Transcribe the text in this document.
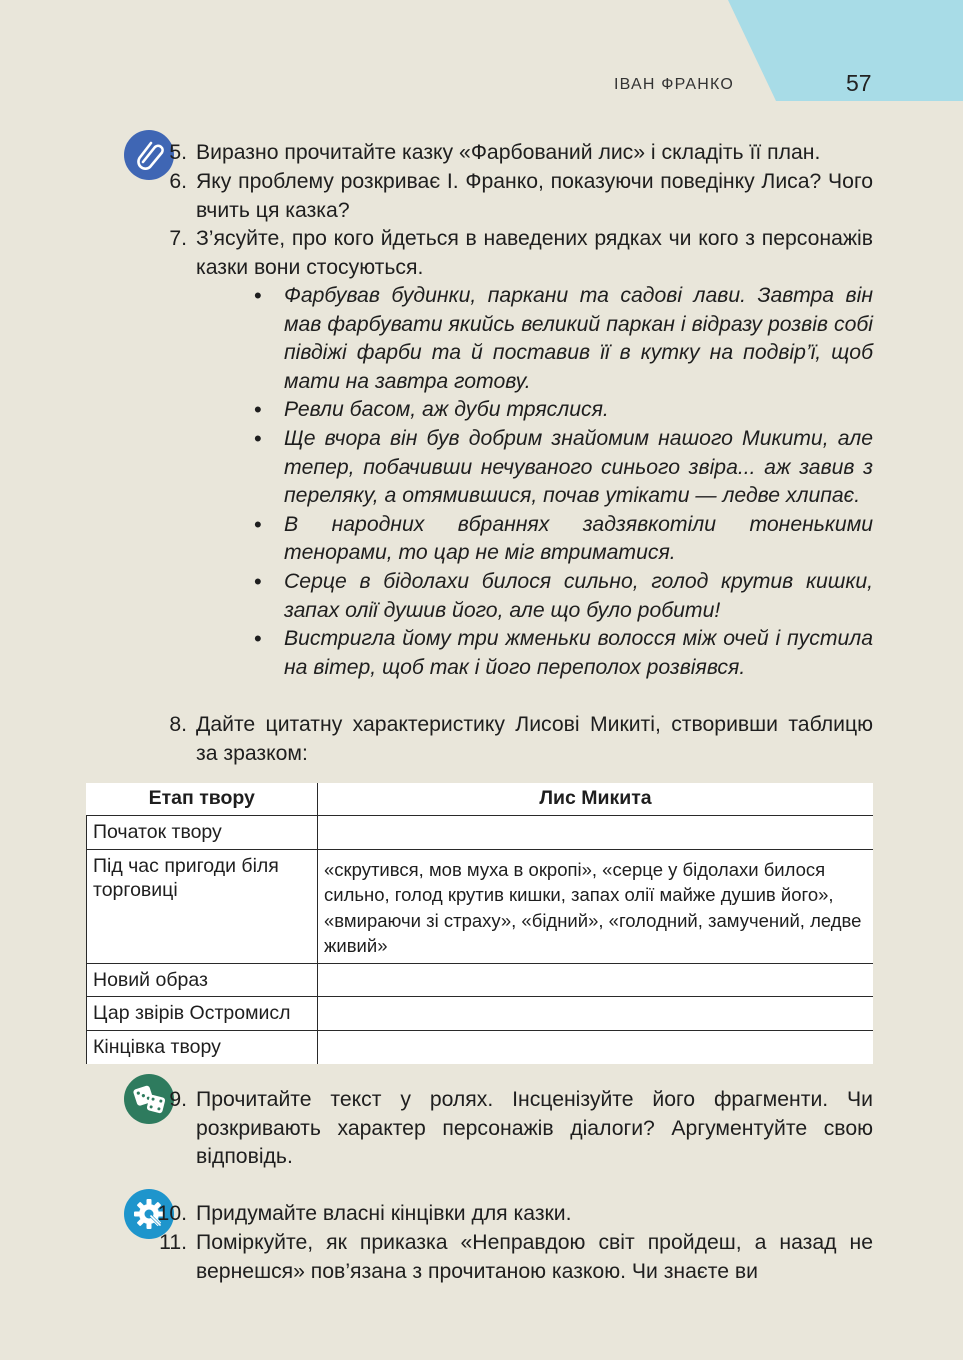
ІВАН ФРАНКО	57
5. Виразно прочитайте казку «Фарбований лис» і складіть її план.
6. Яку проблему розкриває І. Франко, показуючи поведінку Лиса? Чого вчить ця казка?
7. З’ясуйте, про кого йдеться в наведених рядках чи кого з персонажів казки вони стосуються.
• Фарбував будинки, паркани та садові лави. Завтра він мав фарбувати якийсь великий паркан і відразу розвів собі півдіжі фарби та й поставив її в кутку на подвір’ї, щоб мати на завтра готову.
• Ревли басом, аж дуби тряслися.
• Ще вчора він був добрим знайомим нашого Микити, але тепер, побачивши нечуваного синього звіра... аж завив з переляку, а отямившися, почав утікати — ледве хлипає.
• В народних вбраннях задзявкотіли тоненькими тенорами, то цар не міг втриматися.
• Серце в бідолахи билося сильно, голод крутив кишки, запах олії душив його, але що було робити!
• Вистригла йому три жменьки волосся між очей і пустила на вітер, щоб так і його переполох розвіявся.
8. Дайте цитатну характеристику Лисові Микиті, створивши таблицю за зразком:
Етап твору	Лис Микита
Початок твору	
Під час пригоди біля торговиці	«скрутився, мов муха в окропі», «серце у бідолахи билося сильно, голод крутив кишки, запах олії майже душив його», «вмираючи зі страху», «бідний», «голодний, замучений, ледве живий»
Новий образ	
Цар звірів Остромисл	
Кінцівка твору	
9. Прочитайте текст у ролях. Інсценізуйте його фрагменти. Чи розкривають характер персонажів діалоги? Аргументуйте свою відповідь.
10. Придумайте власні кінцівки для казки.
11. Поміркуйте, як приказка «Неправдою світ пройдеш, а назад не вернешся» пов’язана з прочитаною казкою. Чи знаєте ви
